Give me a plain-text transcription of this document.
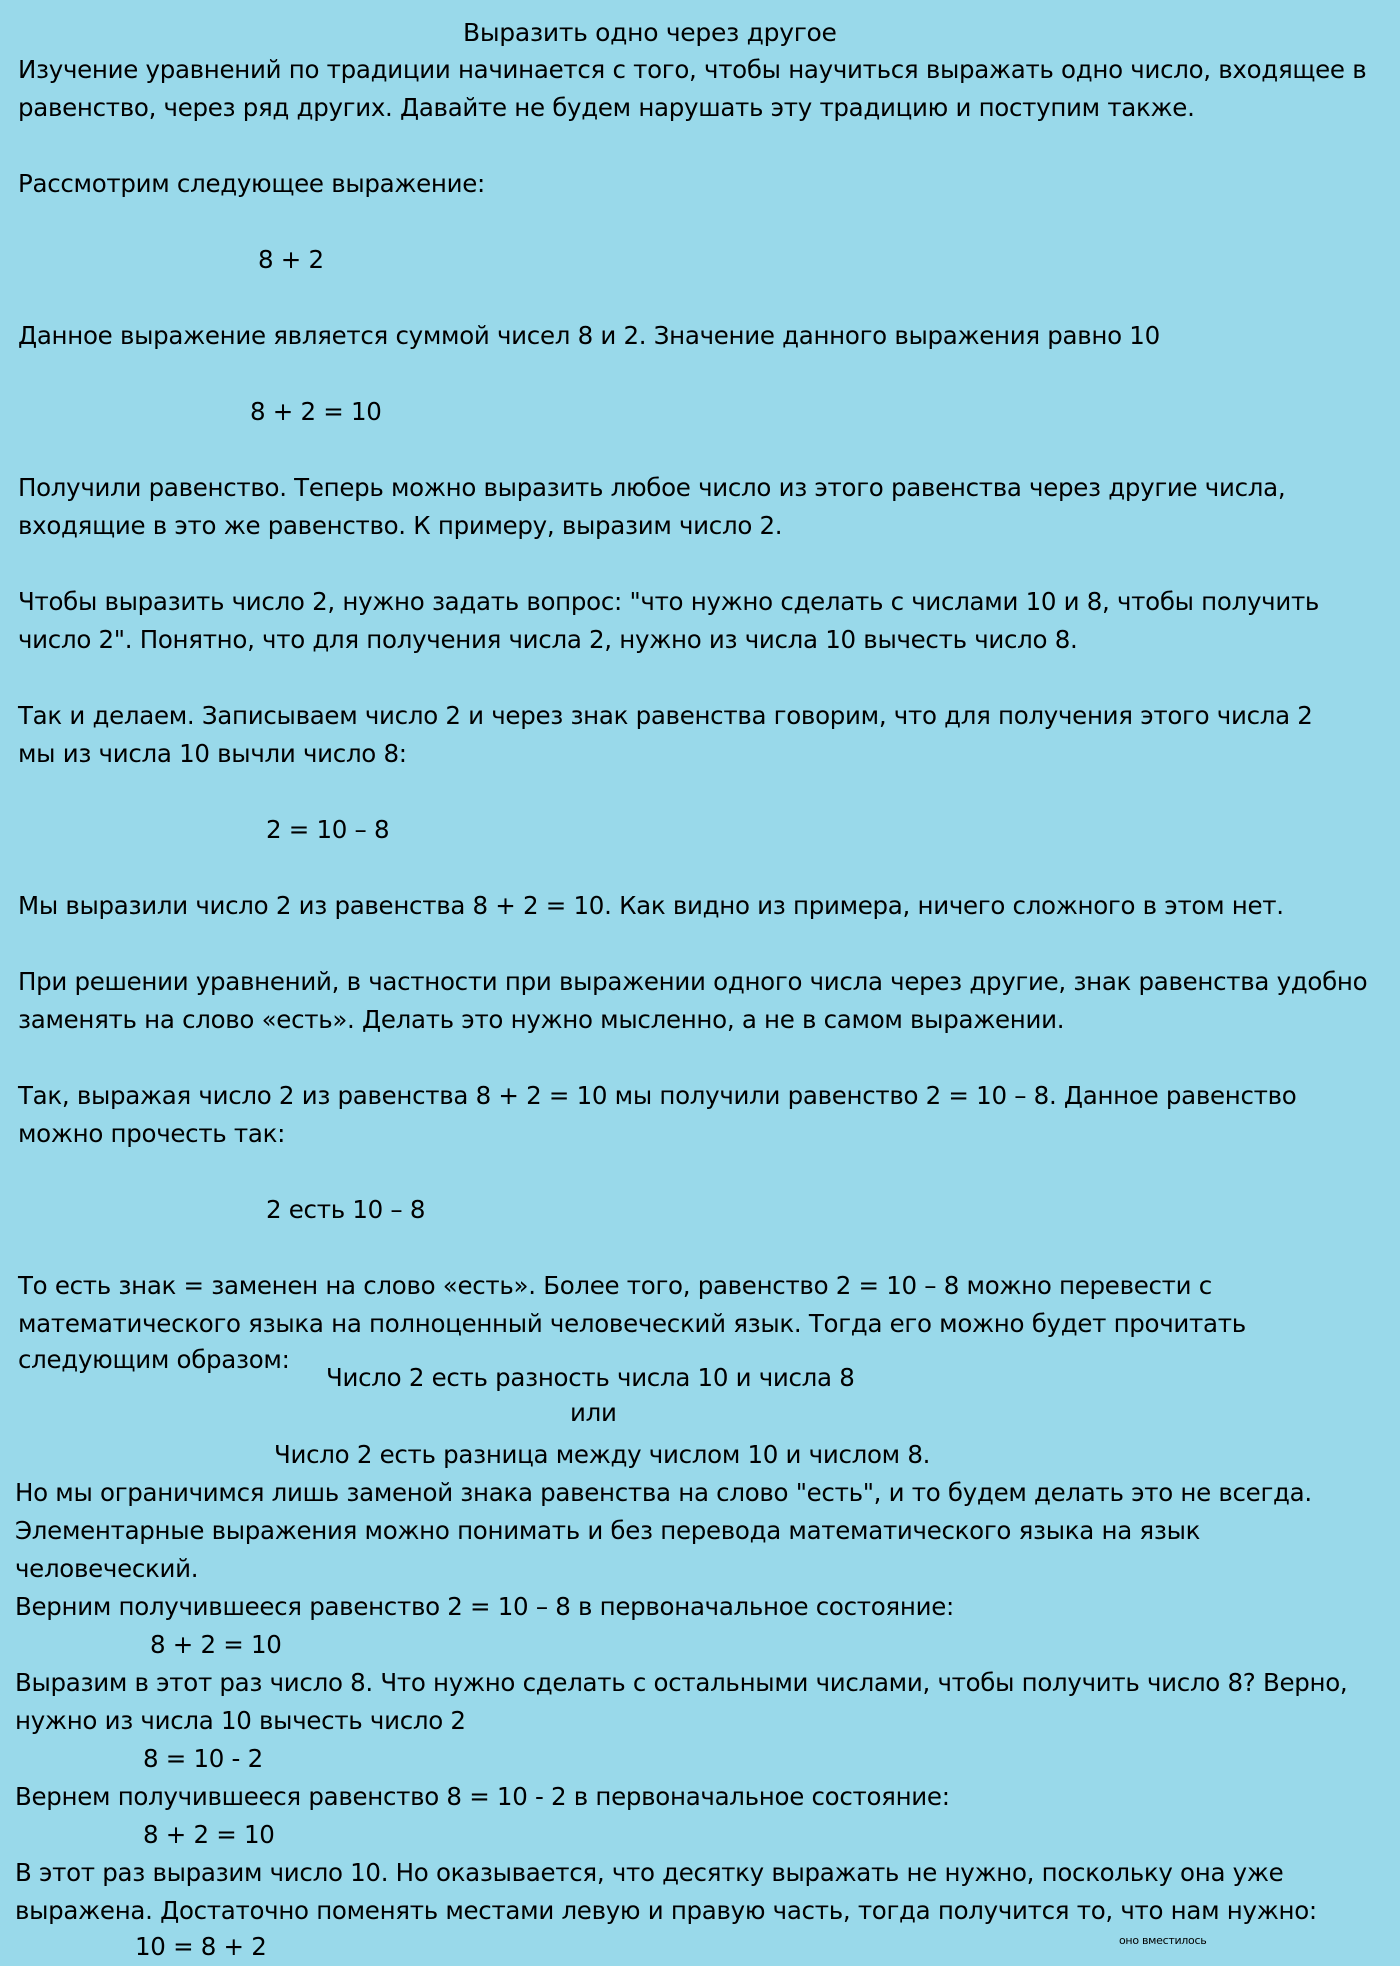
Выразить одно через другое
Изучение уравнений по традиции начинается с того, чтобы научиться выражать одно число, входящее в
равенство, через ряд других. Давайте не будем нарушать эту традицию и поступим также.
Рассмотрим следующее выражение:
8 + 2
Данное выражение является суммой чисел 8 и 2. Значение данного выражения равно 10
8 + 2 = 10
Получили равенство. Теперь можно выразить любое число из этого равенства через другие числа,
входящие в это же равенство. К примеру, выразим число 2.
Чтобы выразить число 2, нужно задать вопрос: "что нужно сделать с числами 10 и 8, чтобы получить
число 2". Понятно, что для получения числа 2, нужно из числа 10 вычесть число 8.
Так и делаем. Записываем число 2 и через знак равенства говорим, что для получения этого числа 2
мы из числа 10 вычли число 8:
2 = 10 – 8
Мы выразили число 2 из равенства 8 + 2 = 10. Как видно из примера, ничего сложного в этом нет.
При решении уравнений, в частности при выражении одного числа через другие, знак равенства удобно
заменять на слово «есть». Делать это нужно мысленно, а не в самом выражении.
Так, выражая число 2 из равенства 8 + 2 = 10 мы получили равенство 2 = 10 – 8. Данное равенство
можно прочесть так:
2 есть 10 – 8
То есть знак = заменен на слово «есть». Более того, равенство 2 = 10 – 8 можно перевести с
математического языка на полноценный человеческий язык. Тогда его можно будет прочитать
следующим образом:
Число 2 есть разность числа 10 и числа 8
или
Число 2 есть разница между числом 10 и числом 8.
Но мы ограничимся лишь заменой знака равенства на слово "есть", и то будем делать это не всегда.
Элементарные выражения можно понимать и без перевода математического языка на язык
человеческий.
Верним получившееся равенство 2 = 10 – 8 в первоначальное состояние:
8 + 2 = 10
Выразим в этот раз число 8. Что нужно сделать с остальными числами, чтобы получить число 8? Верно,
нужно из числа 10 вычесть число 2
8 = 10 - 2
Вернем получившееся равенство 8 = 10 - 2 в первоначальное состояние:
8 + 2 = 10
В этот раз выразим число 10. Но оказывается, что десятку выражать не нужно, поскольку она уже
выражена. Достаточно поменять местами левую и правую часть, тогда получится то, что нам нужно:
10 = 8 + 2	оно вместилось
